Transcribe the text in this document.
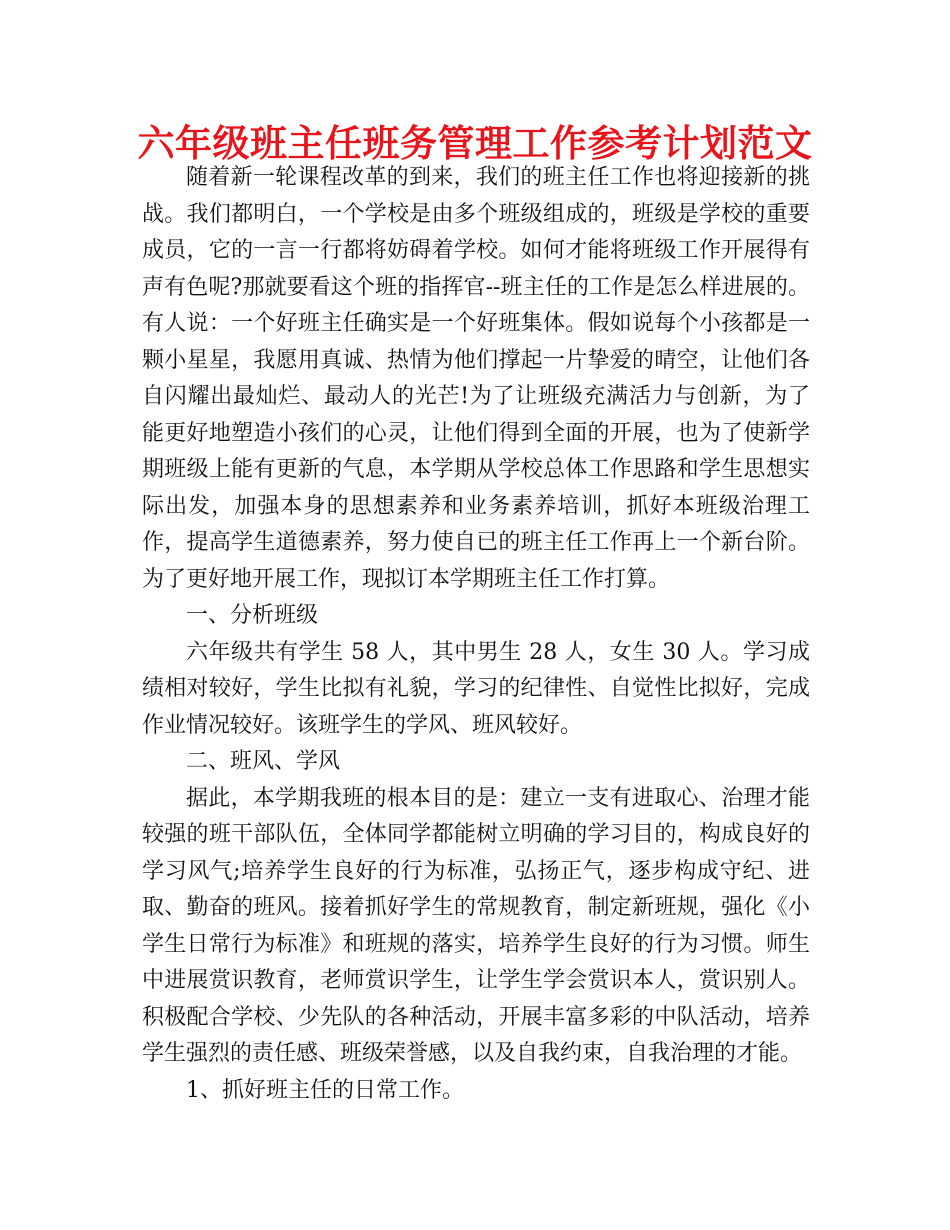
六年级班主任班务管理工作参考计划范文

随着新一轮课程改革的到来，我们的班主任工作也将迎接新的挑战。我们都明白，一个学校是由多个班级组成的，班级是学校的重要成员，它的一言一行都将妨碍着学校。如何才能将班级工作开展得有声有色呢?那就要看这个班的指挥官--班主任的工作是怎么样进展的。有人说：一个好班主任确实是一个好班集体。假如说每个小孩都是一颗小星星，我愿用真诚、热情为他们撑起一片挚爱的晴空，让他们各自闪耀出最灿烂、最动人的光芒!为了让班级充满活力与创新，为了能更好地塑造小孩们的心灵，让他们得到全面的开展，也为了使新学期班级上能有更新的气息，本学期从学校总体工作思路和学生思想实际出发，加强本身的思想素养和业务素养培训，抓好本班级治理工作，提高学生道德素养，努力使自已的班主任工作再上一个新台阶。为了更好地开展工作，现拟订本学期班主任工作打算。

一、分析班级

六年级共有学生 58 人，其中男生 28 人，女生 30 人。学习成绩相对较好，学生比拟有礼貌，学习的纪律性、自觉性比拟好，完成作业情况较好。该班学生的学风、班风较好。

二、班风、学风

据此，本学期我班的根本目的是：建立一支有进取心、治理才能较强的班干部队伍，全体同学都能树立明确的学习目的，构成良好的学习风气;培养学生良好的行为标准，弘扬正气，逐步构成守纪、进取、勤奋的班风。接着抓好学生的常规教育，制定新班规，强化《小学生日常行为标准》和班规的落实，培养学生良好的行为习惯。师生中进展赏识教育，老师赏识学生，让学生学会赏识本人，赏识别人。积极配合学校、少先队的各种活动，开展丰富多彩的中队活动，培养学生强烈的责任感、班级荣誉感，以及自我约束，自我治理的才能。

1、抓好班主任的日常工作。
